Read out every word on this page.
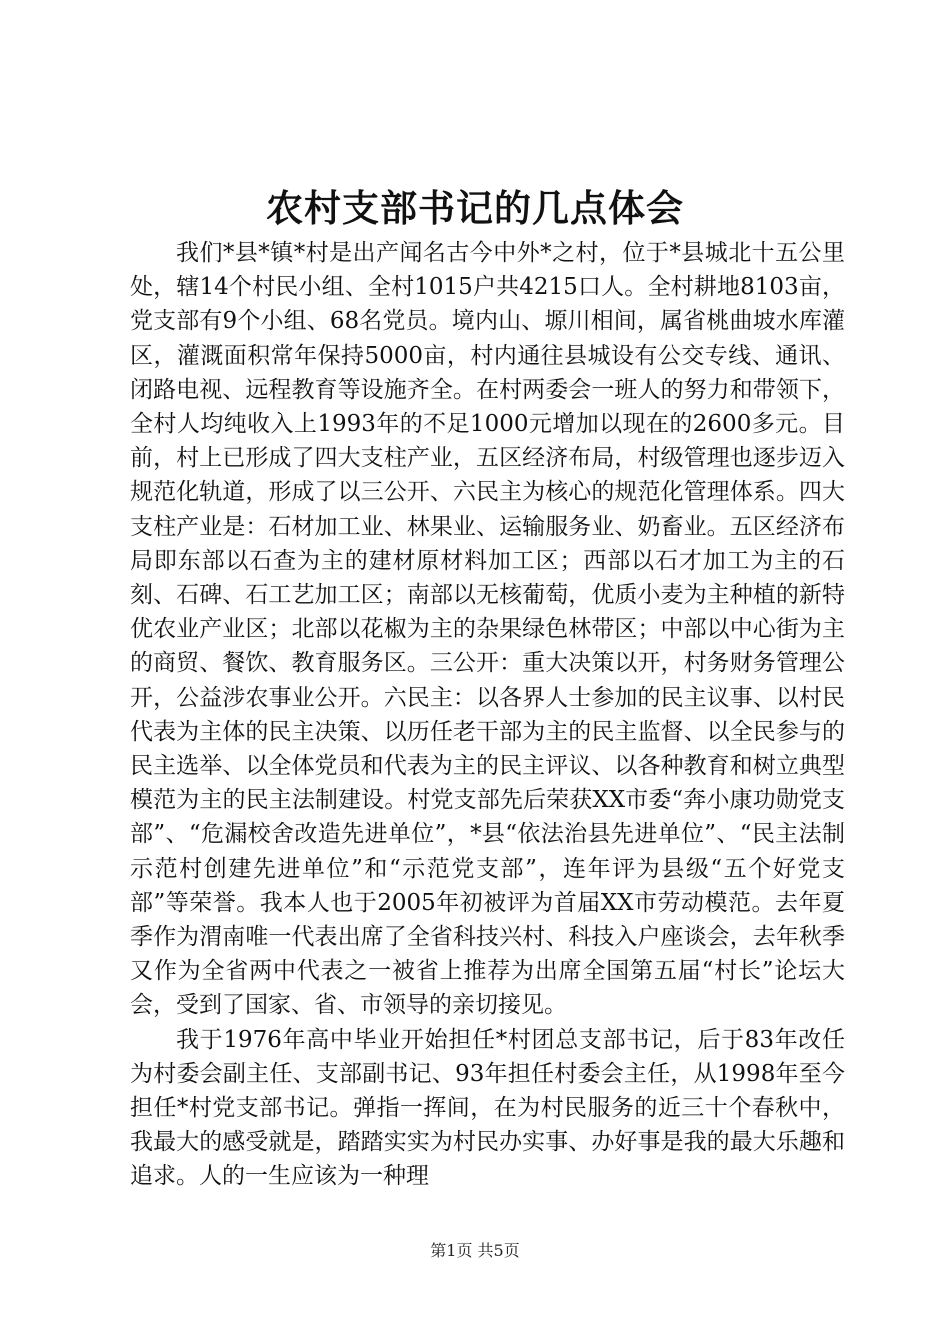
农村支部书记的几点体会

我们*县*镇*村是出产闻名古今中外*之村，位于*县城北十五公里处，辖14个村民小组、全村1015户共4215口人。全村耕地8103亩，党支部有9个小组、68名党员。境内山、塬川相间，属省桃曲坡水库灌区，灌溉面积常年保持5000亩，村内通往县城设有公交专线、通讯、闭路电视、远程教育等设施齐全。在村两委会一班人的努力和带领下，全村人均纯收入上1993年的不足1000元增加以现在的2600多元。目前，村上已形成了四大支柱产业，五区经济布局，村级管理也逐步迈入规范化轨道，形成了以三公开、六民主为核心的规范化管理体系。四大支柱产业是：石材加工业、林果业、运输服务业、奶畜业。五区经济布局即东部以石查为主的建材原材料加工区；西部以石才加工为主的石刻、石碑、石工艺加工区；南部以无核葡萄，优质小麦为主种植的新特优农业产业区；北部以花椒为主的杂果绿色林带区；中部以中心街为主的商贸、餐饮、教育服务区。三公开：重大决策以开，村务财务管理公开，公益涉农事业公开。六民主：以各界人士参加的民主议事、以村民代表为主体的民主决策、以历任老干部为主的民主监督、以全民参与的民主选举、以全体党员和代表为主的民主评议、以各种教育和树立典型模范为主的民主法制建设。村党支部先后荣获XX市委“奔小康功勋党支部”、“危漏校舍改造先进单位”，*县“依法治县先进单位”、“民主法制示范村创建先进单位”和“示范党支部”，连年评为县级“五个好党支部”等荣誉。我本人也于2005年初被评为首届XX市劳动模范。去年夏季作为渭南唯一代表出席了全省科技兴村、科技入户座谈会，去年秋季又作为全省两中代表之一被省上推荐为出席全国第五届“村长”论坛大会，受到了国家、省、市领导的亲切接见。

我于1976年高中毕业开始担任*村团总支部书记，后于83年改任为村委会副主任、支部副书记、93年担任村委会主任，从1998年至今担任*村党支部书记。弹指一挥间，在为村民服务的近三十个春秋中，我最大的感受就是，踏踏实实为村民办实事、办好事是我的最大乐趣和追求。人的一生应该为一种理

第1页 共5页
